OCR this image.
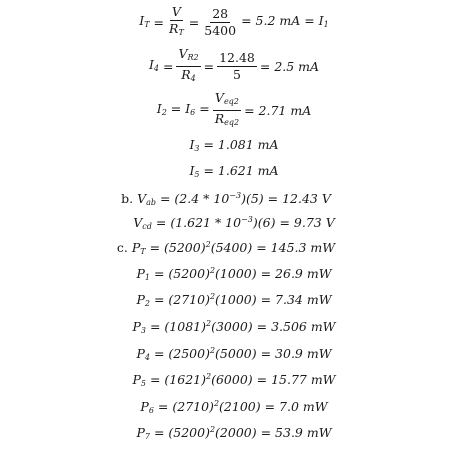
$I_T = \frac{V}{R_T} = \frac{28}{5400} = 5.2$ mA = $I_1$
$I_4 = \frac{V_{R2}}{R_4} = \frac{12.48}{5} = 2.5$ mA
$I_2 = I_6 = \frac{V_{eq2}}{R_{eq2}} = 2.71$ mA
$I_3 = 1.081$ mA
$I_5 = 1.621$ mA
b. $V_{ab} = (2.4 * 10^{-3})(5) = 12.43$ V
$V_{cd} = (1.621 * 10^{-3})(6) = 9.73$ V
c. $P_T = (5200)^2(5400) = 145.3$ mW
$P_1 = (5200)^2(1000) = 26.9$ mW
$P_2 = (2710)^2(1000) = 7.34$ mW
$P_3 = (1081)^2(3000) = 3.506$ mW
$P_4 = (2500)^2(5000) = 30.9$ mW
$P_5 = (1621)^2(6000) = 15.77$ mW
$P_6 = (2710)^2(2100) = 7.0$ mW
$P_7 = (5200)^2(2000) = 53.9$ mW
